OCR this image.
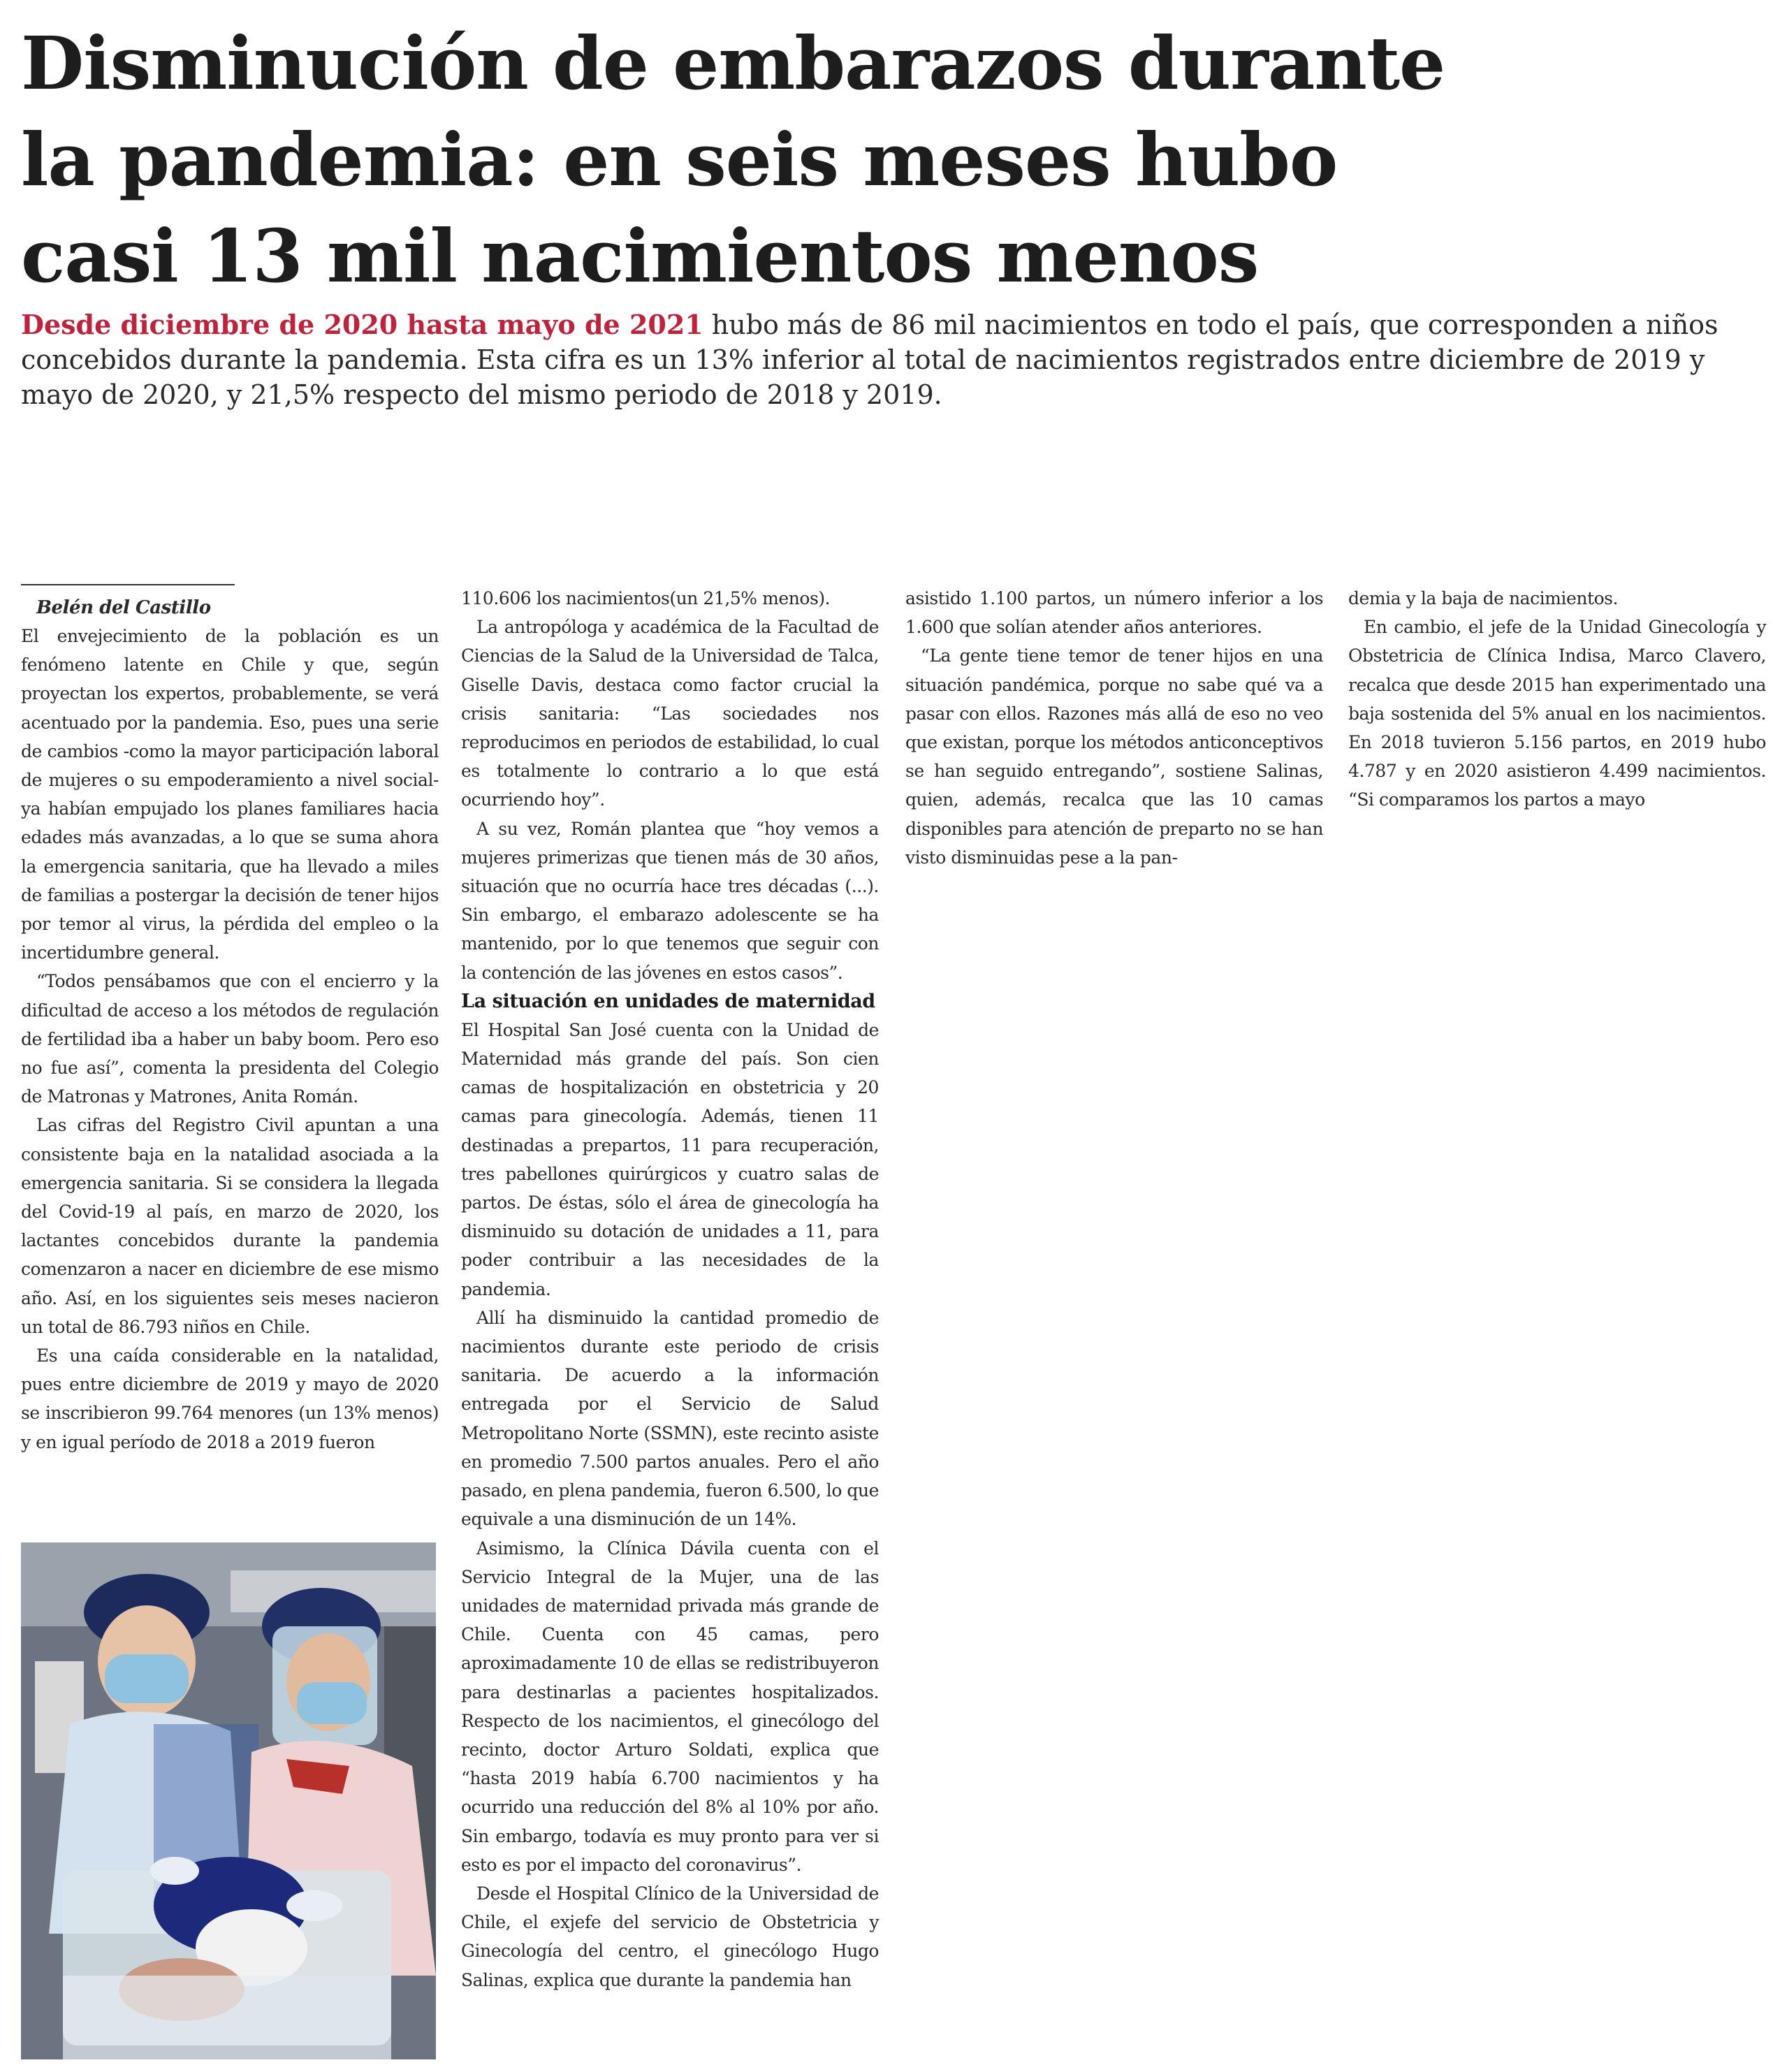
Disminución de embarazos durante
la pandemia: en seis meses hubo
casi 13 mil nacimientos menos

Desde diciembre de 2020 hasta mayo de 2021 hubo más de 86 mil nacimientos en todo el país, que corresponden a niños concebidos durante la pandemia. Esta cifra es un 13% inferior al total de nacimientos registrados entre diciembre de 2019 y mayo de 2020, y 21,5% respecto del mismo periodo de 2018 y 2019.

Belén del Castillo

El envejecimiento de la población es un fenómeno latente en Chile y que, según proyectan los expertos, probablemente, se verá acentuado por la pandemia. Eso, pues una serie de cambios -como la mayor participación laboral de mujeres o su empoderamiento a nivel social- ya habían empujado los planes familiares hacia edades más avanzadas, a lo que se suma ahora la emergencia sanitaria, que ha llevado a miles de familias a postergar la decisión de tener hijos por temor al virus, la pérdida del empleo o la incertidumbre general.

“Todos pensábamos que con el encierro y la dificultad de acceso a los métodos de regulación de fertilidad iba a haber un baby boom. Pero eso no fue así”, comenta la presidenta del Colegio de Matronas y Matrones, Anita Román.

Las cifras del Registro Civil apuntan a una consistente baja en la natalidad asociada a la emergencia sanitaria. Si se considera la llegada del Covid-19 al país, en marzo de 2020, los lactantes concebidos durante la pandemia comenzaron a nacer en diciembre de ese mismo año. Así, en los siguientes seis meses nacieron un total de 86.793 niños en Chile.

Es una caída considerable en la natalidad, pues entre diciembre de 2019 y mayo de 2020 se inscribieron 99.764 menores (un 13% menos) y en igual período de 2018 a 2019 fueron

110.606 los nacimientos(un 21,5% menos).

La antropóloga y académica de la Facultad de Ciencias de la Salud de la Universidad de Talca, Giselle Davis, destaca como factor crucial la crisis sanitaria: “Las sociedades nos reproducimos en periodos de estabilidad, lo cual es totalmente lo contrario a lo que está ocurriendo hoy”.

A su vez, Román plantea que “hoy vemos a mujeres primerizas que tienen más de 30 años, situación que no ocurría hace tres décadas (...). Sin embargo, el embarazo adolescente se ha mantenido, por lo que tenemos que seguir con la contención de las jóvenes en estos casos”.

La situación en unidades de maternidad

El Hospital San José cuenta con la Unidad de Maternidad más grande del país. Son cien camas de hospitalización en obstetricia y 20 camas para ginecología. Además, tienen 11 destinadas a prepartos, 11 para recuperación, tres pabellones quirúrgicos y cuatro salas de partos. De éstas, sólo el área de ginecología ha disminuido su dotación de unidades a 11, para poder contribuir a las necesidades de la pandemia.

Allí ha disminuido la cantidad promedio de nacimientos durante este periodo de crisis sanitaria. De acuerdo a la información entregada por el Servicio de Salud Metropolitano Norte (SSMN), este recinto asiste en promedio 7.500 partos anuales. Pero el año pasado, en plena pandemia, fueron 6.500, lo que equivale a una disminución de un 14%.

Asimismo, la Clínica Dávila cuenta con el Servicio Integral de la Mujer, una de las unidades de maternidad privada más grande de Chile. Cuenta con 45 camas, pero aproximadamente 10 de ellas se redistribuyeron para destinarlas a pacientes hospitalizados. Respecto de los nacimientos, el ginecólogo del recinto, doctor Arturo Soldati, explica que “hasta 2019 había 6.700 nacimientos y ha ocurrido una reducción del 8% al 10% por año. Sin embargo, todavía es muy pronto para ver si esto es por el impacto del coronavirus”.

Desde el Hospital Clínico de la Universidad de Chile, el exjefe del servicio de Obstetricia y Ginecología del centro, el ginecólogo Hugo Salinas, explica que durante la pandemia han

asistido 1.100 partos, un número inferior a los 1.600 que solían atender años anteriores.

“La gente tiene temor de tener hijos en una situación pandémica, porque no sabe qué va a pasar con ellos. Razones más allá de eso no veo que existan, porque los métodos anticonceptivos se han seguido entregando”, sostiene Salinas, quien, además, recalca que las 10 camas disponibles para atención de preparto no se han visto disminuidas pese a la pan-

demia y la baja de nacimientos.

En cambio, el jefe de la Unidad Ginecología y Obstetricia de Clínica Indisa, Marco Clavero, recalca que desde 2015 han experimentado una baja sostenida del 5% anual en los nacimientos. En 2018 tuvieron 5.156 partos, en 2019 hubo 4.787 y en 2020 asistieron 4.499 nacimientos. “Si comparamos los partos a mayo
